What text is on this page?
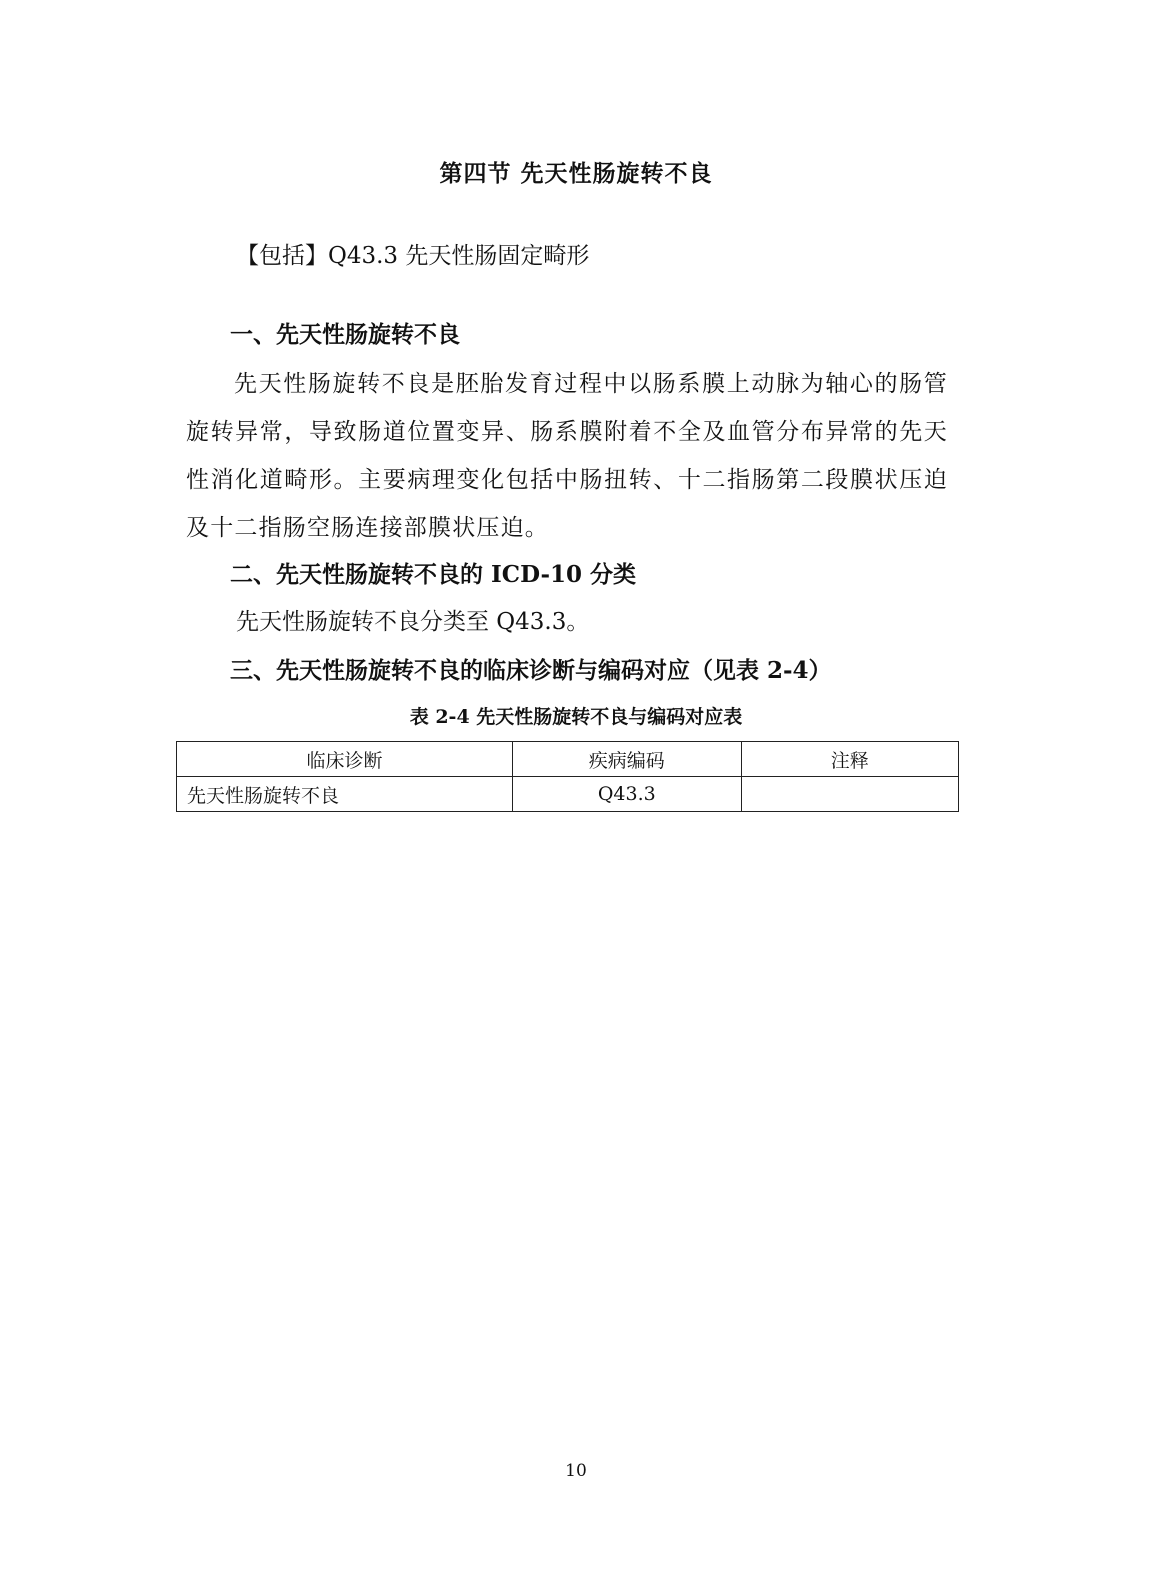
第四节 先天性肠旋转不良
【包括】Q43.3 先天性肠固定畸形
一、先天性肠旋转不良
先天性肠旋转不良是胚胎发育过程中以肠系膜上动脉为轴心的肠管旋转异常，导致肠道位置变异、肠系膜附着不全及血管分布异常的先天性消化道畸形。主要病理变化包括中肠扭转、十二指肠第二段膜状压迫及十二指肠空肠连接部膜状压迫。
二、先天性肠旋转不良的 ICD-10 分类
先天性肠旋转不良分类至 Q43.3。
三、先天性肠旋转不良的临床诊断与编码对应（见表 2-4）
表 2-4 先天性肠旋转不良与编码对应表
临床诊断	疾病编码	注释
先天性肠旋转不良	Q43.3	
10
